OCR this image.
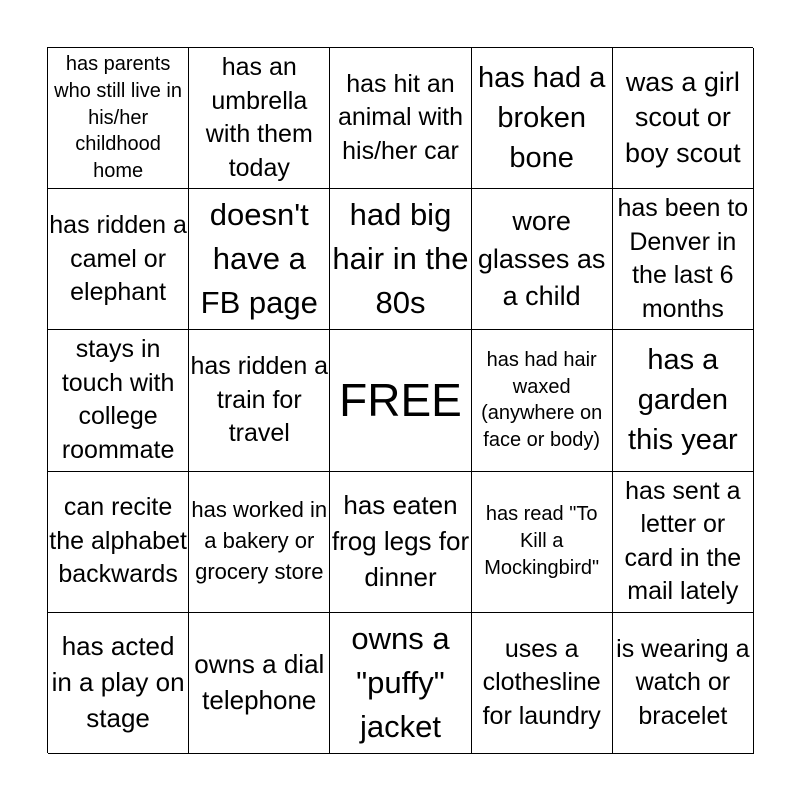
has parents who still live in his/her childhood home
has an umbrella with them today
has hit an animal with his/her car
has had a broken bone
was a girl scout or boy scout
has ridden a camel or elephant
doesn't have a FB page
had big hair in the 80s
wore glasses as a child
has been to Denver in the last 6 months
stays in touch with college roommate
has ridden a train for travel
FREE
has had hair waxed (anywhere on face or body)
has a garden this year
can recite the alphabet backwards
has worked in a bakery or grocery store
has eaten frog legs for dinner
has read "To Kill a Mockingbird"
has sent a letter or card in the mail lately
has acted in a play on stage
owns a dial telephone
owns a "puffy" jacket
uses a clothesline for laundry
is wearing a watch or bracelet
